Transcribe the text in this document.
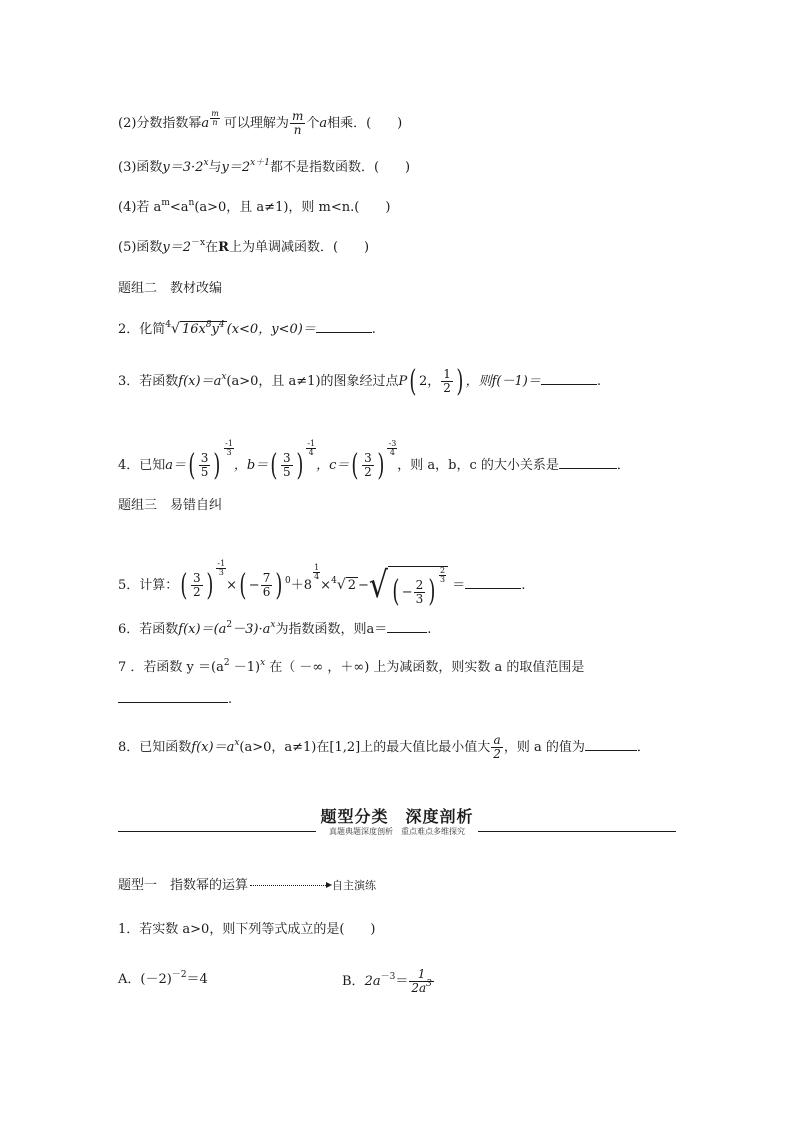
(2)分数指数幂a $\frac{m}{n}$ 可以理解为 $\frac{m}{n}$ 个a相乘．(　　)
(3)函数$y=3\cdot 2^x$与$y=2^{x+1}$都不是指数函数．(　　)
(4)若 $a^m<a^n(a>0$，且 a≠1)，则 m<n.(　　)
(5)函数$y=2^{-x}$在R上为单调减函数．(　　)
题组二　教材改编
2．化简$^4$√ $16x^8y^4$ (x<0，y<0)＝	.
3．若函数$f(x)=a^x(a>0$，且 a≠1)的图象经过点P( 2， $\frac{1}{2}$ ) ，则f(－1)＝	.
4．已知$a=( \frac{3}{5}$ ) $\frac{-1}{3}$
，$b=( \frac{3}{5}$ ) $\frac{-1}{4}$
，$c=( \frac{3}{2}$ ) $\frac{-3}{4}$
，则 a，b，c 的大小关系是	．
题组三　易错自纠
5．计算：( $\frac{3}{2}$ ) $\frac{-1}{3}$
×( − $\frac{7}{6}$ ) $^0$＋8
$\frac{1}{4}$
×$^4$√ 2 −√ ( − $\frac{2}{3}$ ) $\frac{2}{3}$
＝	.
6．若函数$f(x)=(a^2-3)\cdot a^x$为指数函数，则a＝	.
7 ．若函数 $y =(a^2 -1)^x$ 在（ －∞ ，＋∞) 上为减函数，则实数 a 的取值范围是
.
8．已知函数$f(x)=a^x(a>0$，a≠1)在[1,2]上的最大值比最小值大 $\frac{a}{2}$ ，则 a 的值为	．
题型分类　深度剖析
真题典题深度剖析　重点难点多维探究
题型一　指数幂的运算	自主演练
1．若实数 a>0，则下列等式成立的是(　　)
A．$(-2)^{-2}=4$	B．$2a^{-3}= \frac{1}{2a^3}$
